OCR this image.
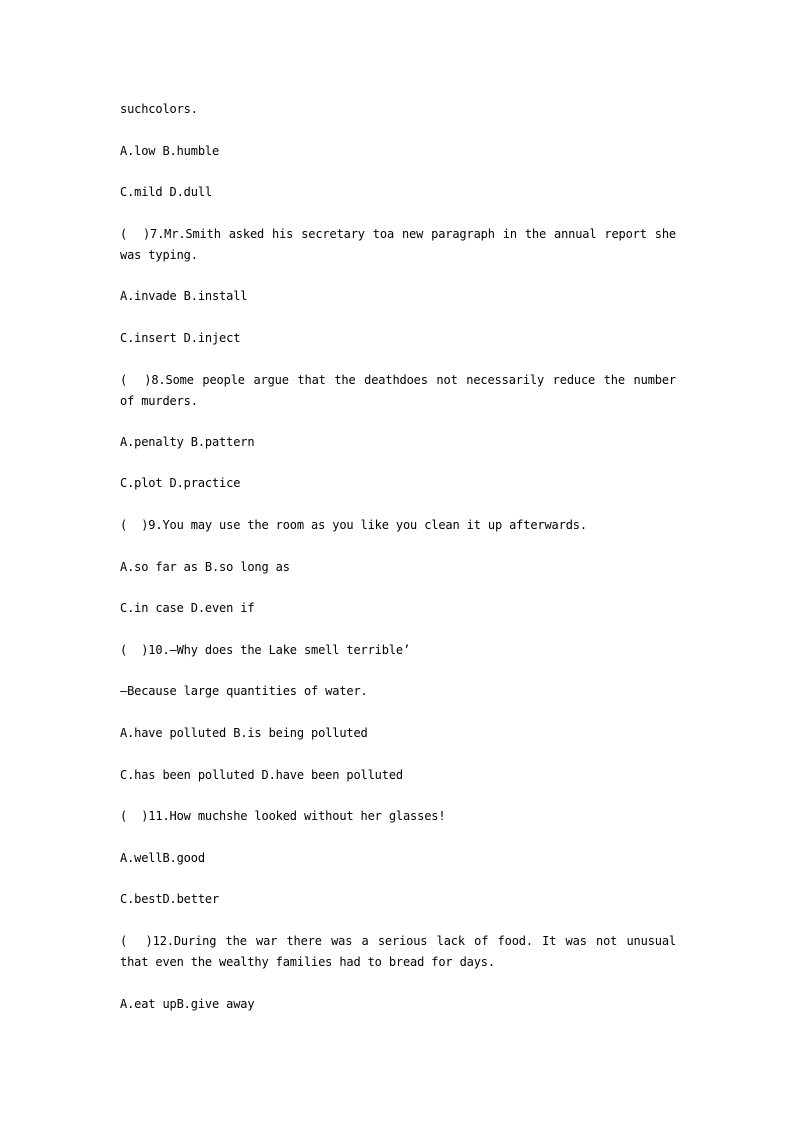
suchcolors.
A.low B.humble
C.mild D.dull
(  )7.Mr.Smith asked his secretary toa new paragraph in the annual report she was typing.
A.invade B.install
C.insert D.inject
(  )8.Some people argue that the deathdoes not necessarily reduce the number of murders.
A.penalty B.pattern
C.plot D.practice
(  )9.You may use the room as you like you clean it up afterwards.
A.so far as B.so long as
C.in case D.even if
(  )10.—Why does the Lake smell terrible’
—Because large quantities of water.
A.have polluted B.is being polluted
C.has been polluted D.have been polluted
(  )11.How muchshe looked without her glasses!
A.wellB.good
C.bestD.better
(  )12.During the war there was a serious lack of food. It was not unusual that even the wealthy families had to bread for days.
A.eat upB.give away
